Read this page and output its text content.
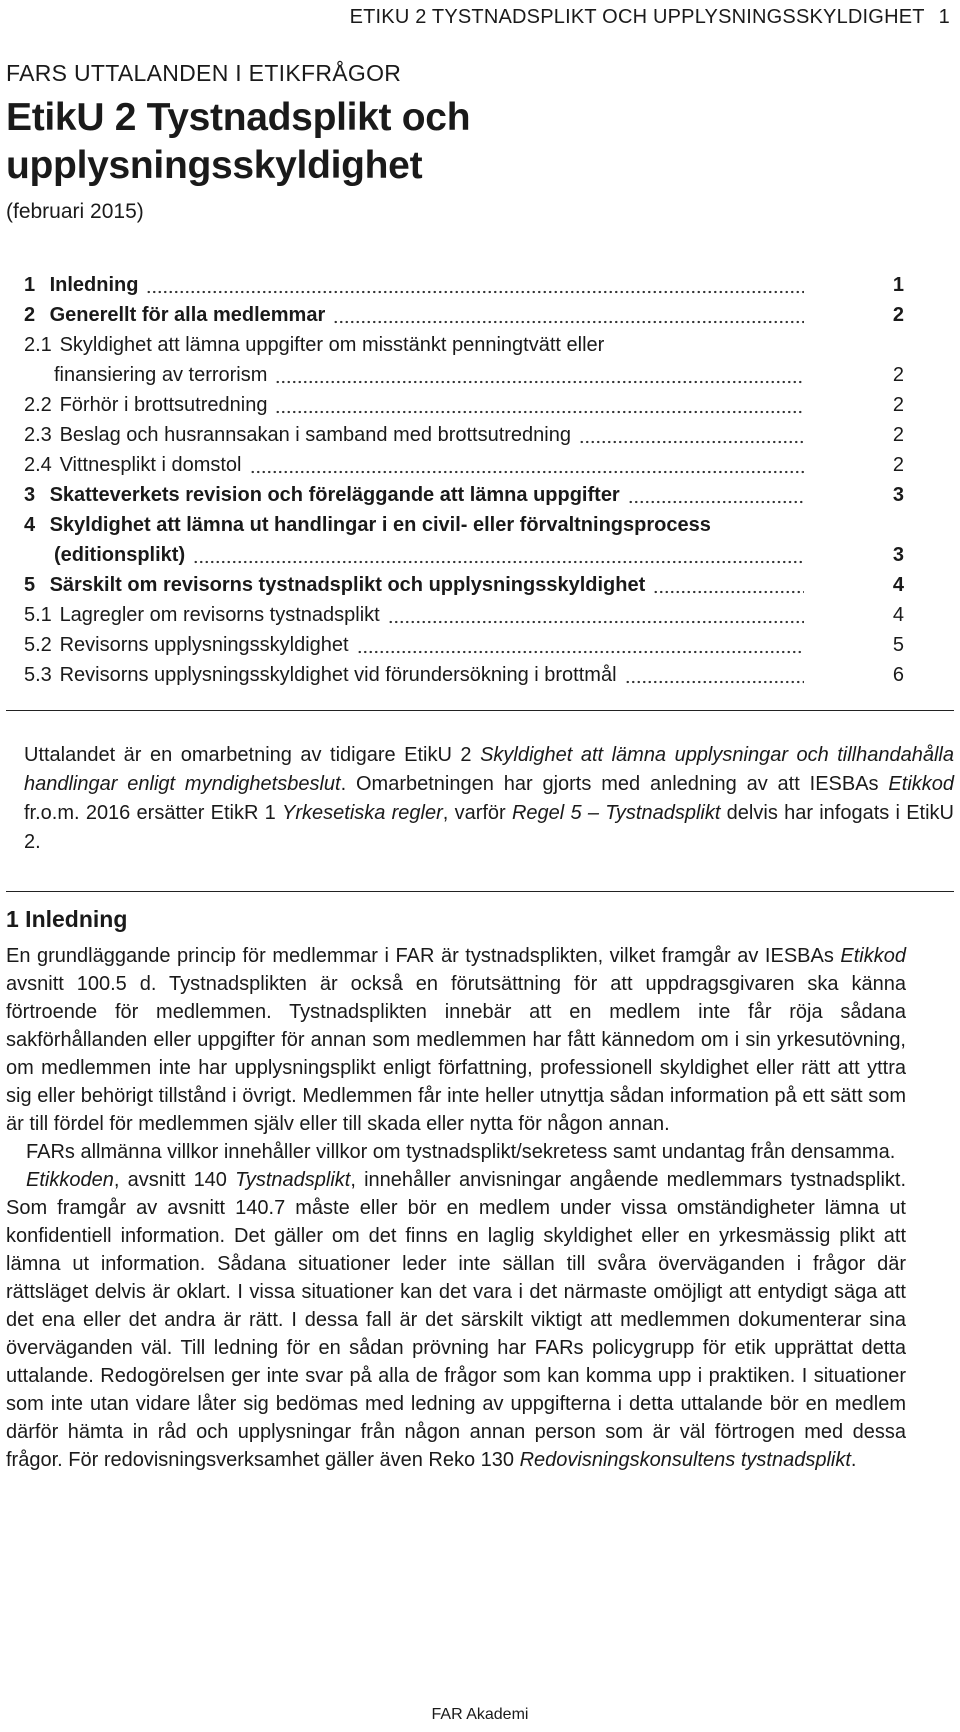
ETIKU 2 TYSTNADSPLIKT OCH UPPLYSNINGSSKYLDIGHET 1
FARS UTTALANDEN I ETIKFRÅGOR
EtikU 2 Tystnadsplikt och
upplysningsskyldighet
(februari 2015)
1 Inledning	1
2 Generellt för alla medlemmar	2
2.1 Skyldighet att lämna uppgifter om misstänkt penningtvätt eller
finansiering av terrorism	2
2.2 Förhör i brottsutredning	2
2.3 Beslag och husrannsakan i samband med brottsutredning	2
2.4 Vittnesplikt i domstol	2
3 Skatteverkets revision och föreläggande att lämna uppgifter	3
4 Skyldighet att lämna ut handlingar i en civil- eller förvaltningsprocess
(editionsplikt)	3
5 Särskilt om revisorns tystnadsplikt och upplysningsskyldighet	4
5.1 Lagregler om revisorns tystnadsplikt	4
5.2 Revisorns upplysningsskyldighet	5
5.3 Revisorns upplysningsskyldighet vid förundersökning i brottmål	6
Uttalandet är en omarbetning av tidigare EtikU 2 Skyldighet att lämna upplysningar och tillhandahålla handlingar enligt myndighetsbeslut. Omarbetningen har gjorts med anledning av att IESBAs Etikkod fr.o.m. 2016 ersätter EtikR 1 Yrkesetiska regler, varför Regel 5 – Tystnadsplikt delvis har infogats i EtikU 2.
1 Inledning

En grundläggande princip för medlemmar i FAR är tystnadsplikten, vilket framgår av IESBAs Etikkod avsnitt 100.5 d. Tystnadsplikten är också en förutsättning för att uppdragsgivaren ska känna förtroende för medlemmen. Tystnadsplikten innebär att en medlem inte får röja sådana sakförhållanden eller uppgifter för annan som medlemmen har fått kännedom om i sin yrkesutövning, om medlemmen inte har upplysningsplikt enligt författning, professionell skyldighet eller rätt att yttra sig eller behörigt tillstånd i övrigt. Medlemmen får inte heller utnyttja sådan information på ett sätt som är till fördel för medlemmen själv eller till skada eller nytta för någon annan.

FARs allmänna villkor innehåller villkor om tystnadsplikt/sekretess samt undantag från densamma.

Etikkoden, avsnitt 140 Tystnadsplikt, innehåller anvisningar angående medlemmars tystnadsplikt. Som framgår av avsnitt 140.7 måste eller bör en medlem under vissa omständigheter lämna ut konfidentiell information. Det gäller om det finns en laglig skyldighet eller en yrkesmässig plikt att lämna ut information. Sådana situationer leder inte sällan till svåra överväganden i frågor där rättsläget delvis är oklart. I vissa situationer kan det vara i det närmaste omöjligt att entydigt säga att det ena eller det andra är rätt. I dessa fall är det särskilt viktigt att medlemmen dokumenterar sina överväganden väl. Till ledning för en sådan prövning har FARs policygrupp för etik upprättat detta uttalande. Redogörelsen ger inte svar på alla de frågor som kan komma upp i praktiken. I situationer som inte utan vidare låter sig bedömas med ledning av uppgifterna i detta uttalande bör en medlem därför hämta in råd och upplysningar från någon annan person som är väl förtrogen med dessa frågor. För redovisningsverksamhet gäller även Reko 130 Redovisningskonsultens tystnadsplikt.

FAR Akademi
